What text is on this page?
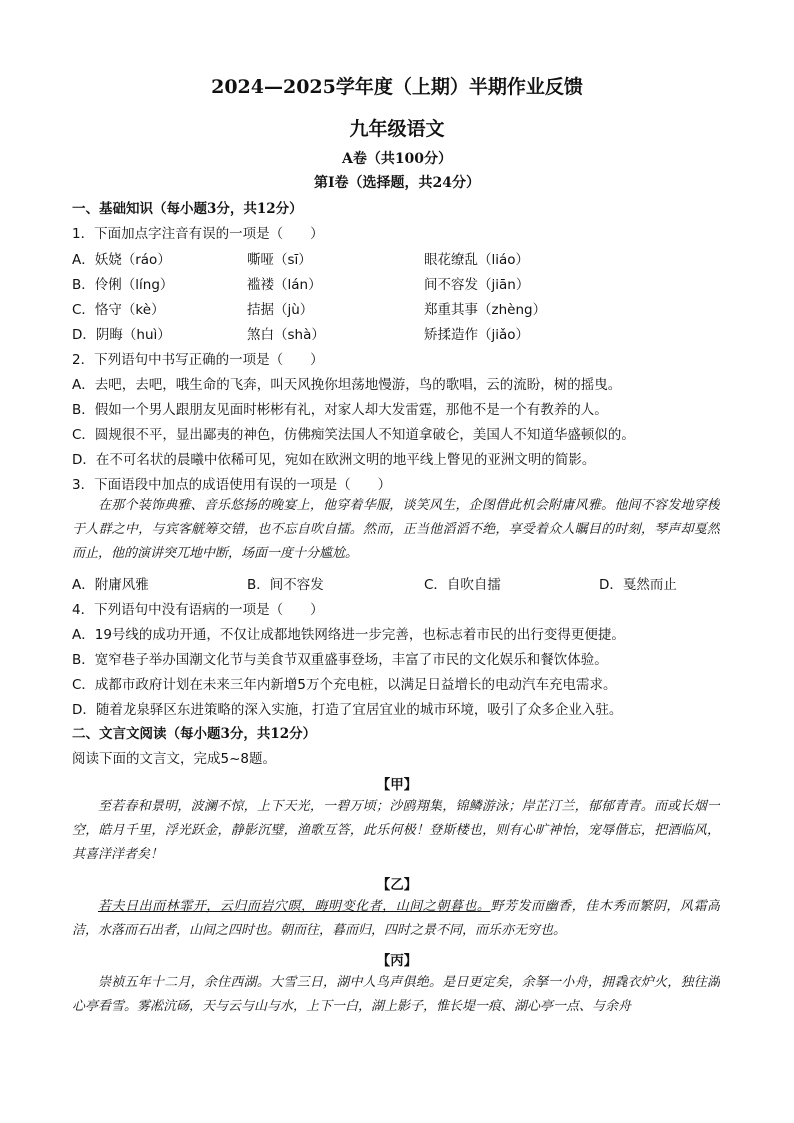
2024—2025学年度（上期）半期作业反馈
九年级语文
A卷（共100分）
第Ⅰ卷（选择题，共24分）
一、基础知识（每小题3分，共12分）
1．下面加点字注音有误的一项是（　　）
A．妖娆（ráo）	嘶哑（sī）	眼花缭乱（liáo）
B．伶俐（líng）	褴褛（lán）	间不容发（jiān）
C．恪守（kè）	拮据（jù）	郑重其事（zhèng）
D．阴晦（huì）	煞白（shà）	矫揉造作（jiǎo）
2．下列语句中书写正确的一项是（　　）
A．去吧，去吧，哦生命的飞奔，叫天风挽你坦荡地慢游，鸟的歌唱，云的流盼，树的摇曳。
B．假如一个男人跟朋友见面时彬彬有礼，对家人却大发雷霆，那他不是一个有教养的人。
C．圆规很不平，显出鄙夷的神色，仿佛痴笑法国人不知道拿破仑，美国人不知道华盛顿似的。
D．在不可名状的晨曦中依稀可见，宛如在欧洲文明的地平线上瞥见的亚洲文明的简影。
3．下面语段中加点的成语使用有误的一项是（　　）
在那个装饰典雅、音乐悠扬的晚宴上，他穿着华服，谈笑风生，企图借此机会附庸风雅。他间不容发地穿梭于人群之中，与宾客觥筹交错，也不忘自吹自擂。然而，正当他滔滔不绝，享受着众人瞩目的时刻，琴声却戛然而止，他的演讲突兀地中断，场面一度十分尴尬。
A．附庸风雅	B．间不容发	C．自吹自擂	D．戛然而止
4．下列语句中没有语病的一项是（　　）
A．19号线的成功开通，不仅让成都地铁网络进一步完善，也标志着市民的出行变得更便捷。
B．宽窄巷子举办国潮文化节与美食节双重盛事登场，丰富了市民的文化娱乐和餐饮体验。
C．成都市政府计划在未来三年内新增5万个充电桩，以满足日益增长的电动汽车充电需求。
D．随着龙泉驿区东进策略的深入实施，打造了宜居宜业的城市环境，吸引了众多企业入驻。
二、文言文阅读（每小题3分，共12分）
阅读下面的文言文，完成5~8题。
【甲】
至若春和景明，波澜不惊，上下天光，一碧万顷；沙鸥翔集，锦鳞游泳；岸芷汀兰，郁郁青青。而或长烟一空，皓月千里，浮光跃金，静影沉璧，渔歌互答，此乐何极！登斯楼也，则有心旷神怡，宠辱偕忘，把酒临风，其喜洋洋者矣！
【乙】
若夫日出而林霏开，云归而岩穴暝，晦明变化者，山间之朝暮也。野芳发而幽香，佳木秀而繁阴，风霜高洁，水落而石出者，山间之四时也。朝而往，暮而归，四时之景不同，而乐亦无穷也。
【丙】
崇祯五年十二月，余住西湖。大雪三日，湖中人鸟声俱绝。是日更定矣，余拏一小舟，拥毳衣炉火，独往湖心亭看雪。雾凇沆砀，天与云与山与水，上下一白，湖上影子，惟长堤一痕、湖心亭一点、与余舟
